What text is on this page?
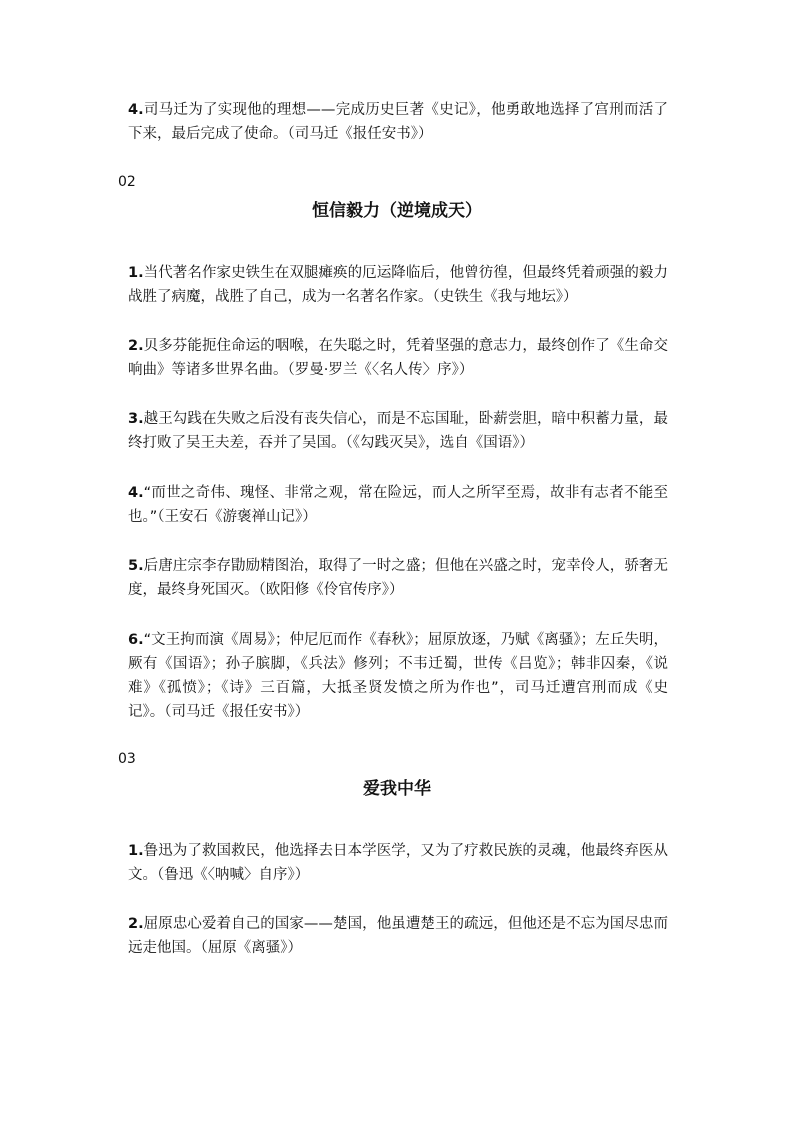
4.司马迁为了实现他的理想——完成历史巨著《史记》，他勇敢地选择了宫刑而活了下来，最后完成了使命。（司马迁《报任安书》）

02

恒信毅力（逆境成天）

1.当代著名作家史铁生在双腿瘫痪的厄运降临后，他曾彷徨，但最终凭着顽强的毅力战胜了病魔，战胜了自己，成为一名著名作家。（史铁生《我与地坛》）

2.贝多芬能扼住命运的咽喉，在失聪之时，凭着坚强的意志力，最终创作了《生命交响曲》等诸多世界名曲。（罗曼·罗兰《〈名人传〉序》）

3.越王勾践在失败之后没有丧失信心，而是不忘国耻，卧薪尝胆，暗中积蓄力量，最终打败了吴王夫差，吞并了吴国。（《勾践灭吴》，选自《国语》）

4.“而世之奇伟、瑰怪、非常之观，常在险远，而人之所罕至焉，故非有志者不能至也。”（王安石《游褒禅山记》）

5.后唐庄宗李存勖励精图治，取得了一时之盛；但他在兴盛之时，宠幸伶人，骄奢无度，最终身死国灭。（欧阳修《伶官传序》）

6.“文王拘而演《周易》；仲尼厄而作《春秋》；屈原放逐，乃赋《离骚》；左丘失明，厥有《国语》；孙子膑脚，《兵法》修列；不韦迁蜀，世传《吕览》；韩非囚秦，《说难》《孤愤》；《诗》三百篇，大抵圣贤发愤之所为作也”，司马迁遭宫刑而成《史记》。（司马迁《报任安书》）

03

爱我中华

1.鲁迅为了救国救民，他选择去日本学医学，又为了疗救民族的灵魂，他最终弃医从文。（鲁迅《〈呐喊〉自序》）

2.屈原忠心爱着自己的国家——楚国，他虽遭楚王的疏远，但他还是不忘为国尽忠而远走他国。（屈原《离骚》）
